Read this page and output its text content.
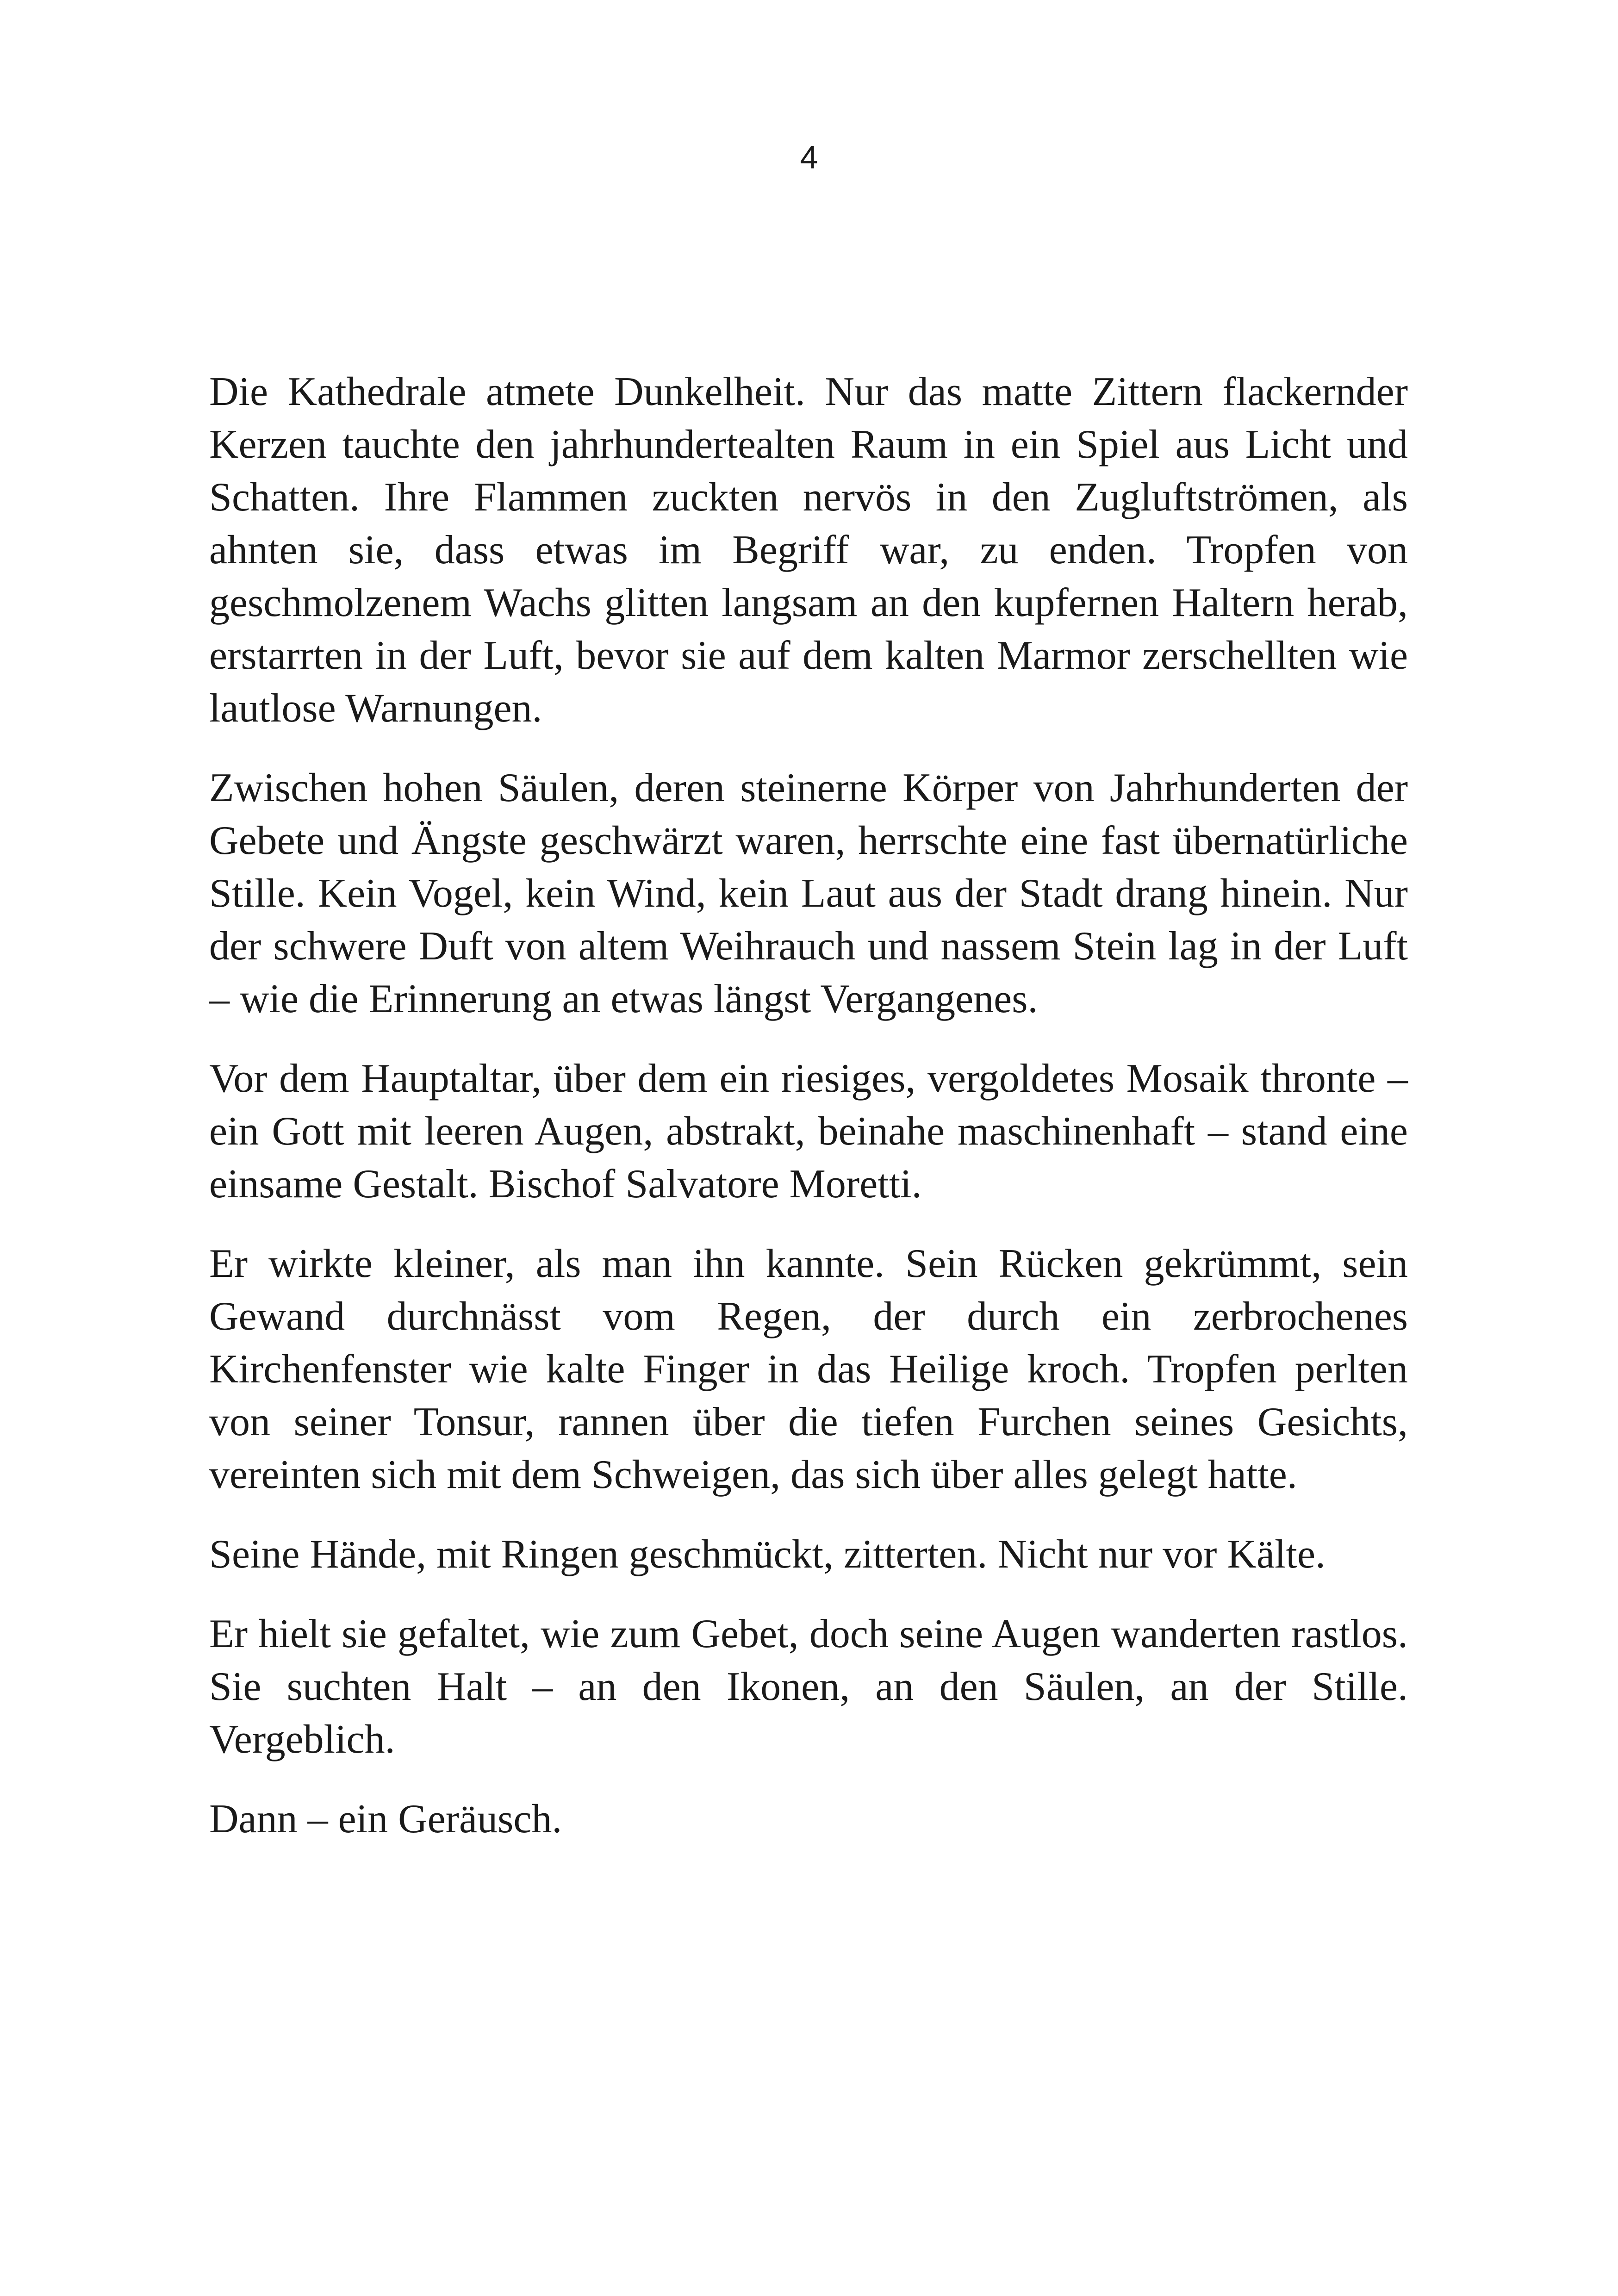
4

Die Kathedrale atmete Dunkelheit. Nur das matte Zittern flackernder Kerzen tauchte den jahrhundertealten Raum in ein Spiel aus Licht und Schatten. Ihre Flammen zuckten nervös in den Zugluftströmen, als ahnten sie, dass etwas im Begriff war, zu enden. Tropfen von geschmolzenem Wachs glitten langsam an den kupfernen Haltern herab, erstarrten in der Luft, bevor sie auf dem kalten Marmor zerschellten wie lautlose Warnungen.

Zwischen hohen Säulen, deren steinerne Körper von Jahrhunderten der Gebete und Ängste geschwärzt waren, herrschte eine fast übernatürliche Stille. Kein Vogel, kein Wind, kein Laut aus der Stadt drang hinein. Nur der schwere Duft von altem Weihrauch und nassem Stein lag in der Luft – wie die Erinnerung an etwas längst Vergangenes.

Vor dem Hauptaltar, über dem ein riesiges, vergoldetes Mosaik thronte – ein Gott mit leeren Augen, abstrakt, beinahe maschinenhaft – stand eine einsame Gestalt. Bischof Salvatore Moretti.

Er wirkte kleiner, als man ihn kannte. Sein Rücken gekrümmt, sein Gewand durchnässt vom Regen, der durch ein zerbrochenes Kirchenfenster wie kalte Finger in das Heilige kroch. Tropfen perlten von seiner Tonsur, rannen über die tiefen Furchen seines Gesichts, vereinten sich mit dem Schweigen, das sich über alles gelegt hatte.

Seine Hände, mit Ringen geschmückt, zitterten. Nicht nur vor Kälte.

Er hielt sie gefaltet, wie zum Gebet, doch seine Augen wanderten rastlos. Sie suchten Halt – an den Ikonen, an den Säulen, an der Stille. Vergeblich.

Dann – ein Geräusch.
